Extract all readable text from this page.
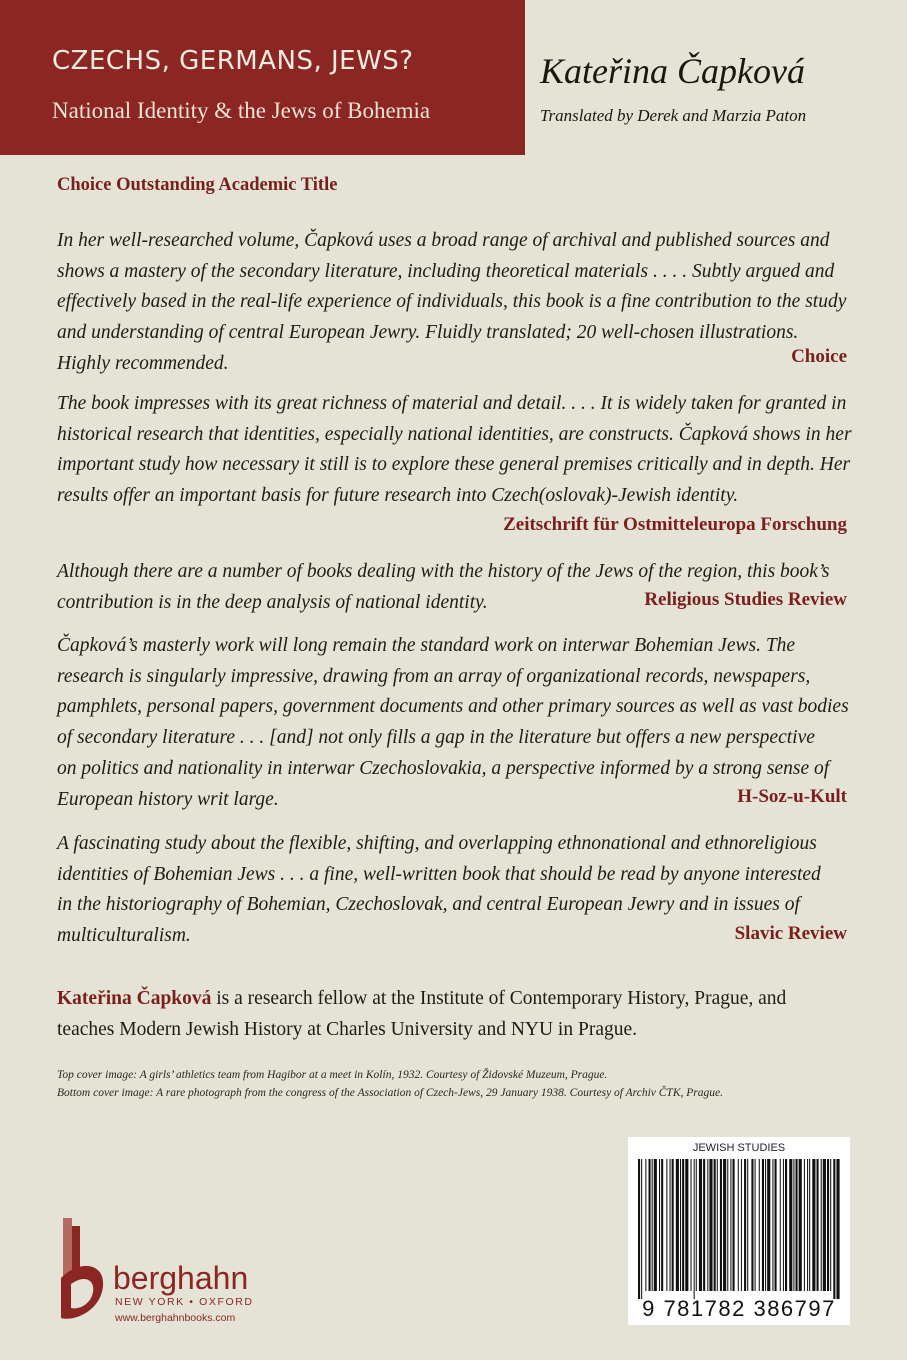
CZECHS, GERMANS, JEWS?
National Identity & the Jews of Bohemia
Kateřina Čapková
Translated by Derek and Marzia Paton
Choice Outstanding Academic Title
In her well-researched volume, Čapková uses a broad range of archival and published sources and
shows a mastery of the secondary literature, including theoretical materials . . . . Subtly argued and
effectively based in the real-life experience of individuals, this book is a fine contribution to the study
and understanding of central European Jewry. Fluidly translated; 20 well-chosen illustrations.
Highly recommended.	Choice
The book impresses with its great richness of material and detail. . . . It is widely taken for granted in
historical research that identities, especially national identities, are constructs. Čapková shows in her
important study how necessary it still is to explore these general premises critically and in depth. Her
results offer an important basis for future research into Czech(oslovak)-Jewish identity.
Zeitschrift für Ostmitteleuropa Forschung
Although there are a number of books dealing with the history of the Jews of the region, this book’s
contribution is in the deep analysis of national identity.	Religious Studies Review
Čapková’s masterly work will long remain the standard work on interwar Bohemian Jews. The
research is singularly impressive, drawing from an array of organizational records, newspapers,
pamphlets, personal papers, government documents and other primary sources as well as vast bodies
of secondary literature . . . [and] not only fills a gap in the literature but offers a new perspective
on politics and nationality in interwar Czechoslovakia, a perspective informed by a strong sense of
European history writ large.	H-Soz-u-Kult
A fascinating study about the flexible, shifting, and overlapping ethnonational and ethnoreligious
identities of Bohemian Jews . . . a fine, well-written book that should be read by anyone interested
in the historiography of Bohemian, Czechoslovak, and central European Jewry and in issues of
multiculturalism.	Slavic Review
Kateřina Čapková is a research fellow at the Institute of Contemporary History, Prague, and
teaches Modern Jewish History at Charles University and NYU in Prague.
Top cover image: A girls’ athletics team from Hagibor at a meet in Kolín, 1932. Courtesy of Židovské Muzeum, Prague.
Bottom cover image: A rare photograph from the congress of the Association of Czech-Jews, 29 January 1938. Courtesy of Archiv ČTK, Prague.
berghahn
NEW YORK • OXFORD
www.berghahnbooks.com
JEWISH STUDIES
9 781782 386797
